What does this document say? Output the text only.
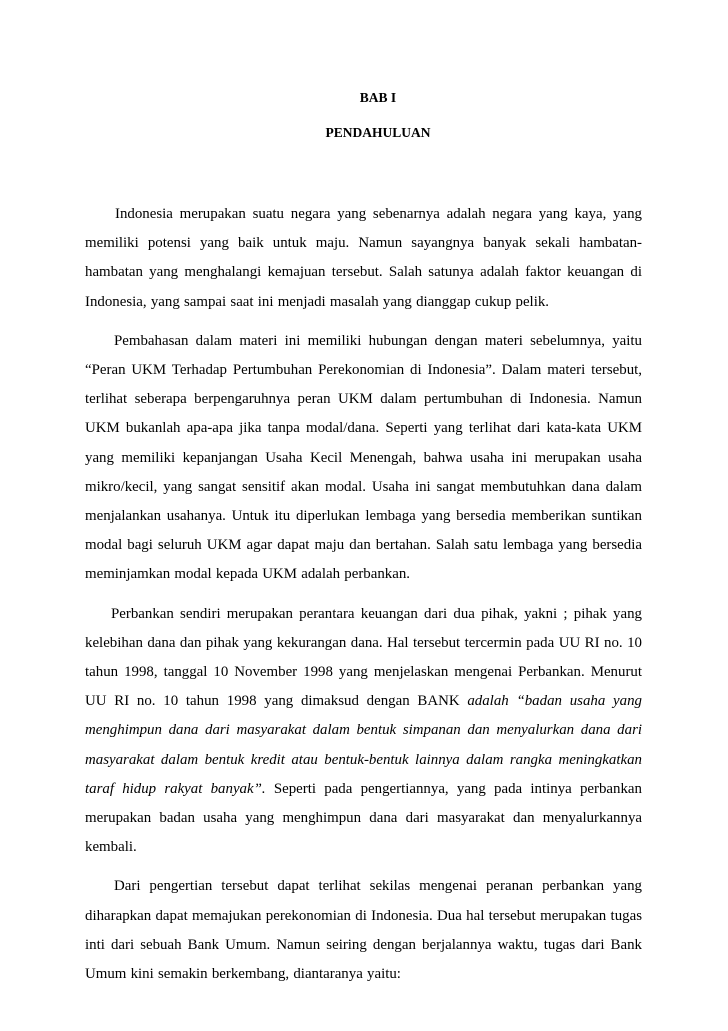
BAB I

PENDAHULUAN

Indonesia merupakan suatu negara yang sebenarnya adalah negara yang kaya, yang memiliki potensi yang baik untuk maju. Namun sayangnya banyak sekali hambatan-hambatan yang menghalangi kemajuan tersebut. Salah satunya adalah faktor keuangan di Indonesia, yang sampai saat ini menjadi masalah yang dianggap cukup pelik.

Pembahasan dalam materi ini memiliki hubungan dengan materi sebelumnya, yaitu “Peran UKM Terhadap Pertumbuhan Perekonomian di Indonesia”. Dalam materi tersebut, terlihat seberapa berpengaruhnya peran UKM dalam pertumbuhan di Indonesia. Namun UKM bukanlah apa-apa jika tanpa modal/dana. Seperti yang terlihat dari kata-kata UKM yang memiliki kepanjangan Usaha Kecil Menengah, bahwa usaha ini merupakan usaha mikro/kecil, yang sangat sensitif akan modal. Usaha ini sangat membutuhkan dana dalam menjalankan usahanya. Untuk itu diperlukan lembaga yang bersedia memberikan suntikan modal bagi seluruh UKM agar dapat maju dan bertahan. Salah satu lembaga yang bersedia meminjamkan modal kepada UKM adalah perbankan.

Perbankan sendiri merupakan perantara keuangan dari dua pihak, yakni ; pihak yang kelebihan dana dan pihak yang kekurangan dana. Hal tersebut tercermin pada UU RI no. 10 tahun 1998, tanggal 10 November 1998 yang menjelaskan mengenai Perbankan. Menurut UU RI no. 10 tahun 1998 yang dimaksud dengan BANK adalah “badan usaha yang menghimpun dana dari masyarakat dalam bentuk simpanan dan menyalurkan dana dari masyarakat dalam bentuk kredit atau bentuk-bentuk lainnya dalam rangka meningkatkan taraf hidup rakyat banyak”. Seperti pada pengertiannya, yang pada intinya perbankan merupakan badan usaha yang menghimpun dana dari masyarakat dan menyalurkannya kembali.

Dari pengertian tersebut dapat terlihat sekilas mengenai peranan perbankan yang diharapkan dapat memajukan perekonomian di Indonesia. Dua hal tersebut merupakan tugas inti dari sebuah Bank Umum. Namun seiring dengan berjalannya waktu, tugas dari Bank Umum kini semakin berkembang, diantaranya yaitu:
